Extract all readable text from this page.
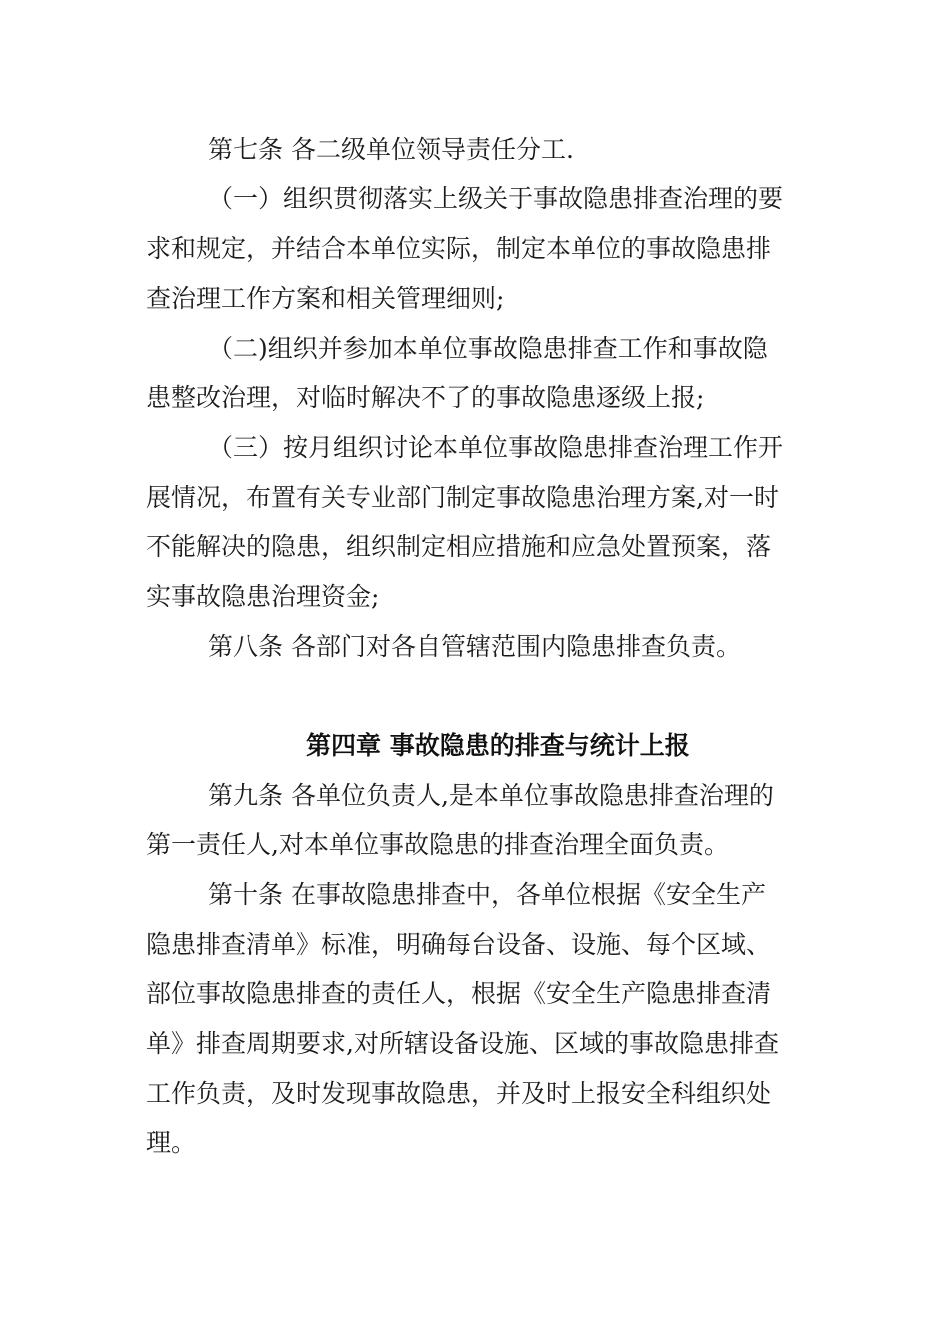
第七条 各二级单位领导责任分工.
（一）组织贯彻落实上级关于事故隐患排查治理的要
求和规定，并结合本单位实际，制定本单位的事故隐患排
查治理工作方案和相关管理细则;
（二)组织并参加本单位事故隐患排查工作和事故隐
患整改治理，对临时解决不了的事故隐患逐级上报;
（三）按月组织讨论本单位事故隐患排查治理工作开
展情况，布置有关专业部门制定事故隐患治理方案,对一时
不能解决的隐患，组织制定相应措施和应急处置预案，落
实事故隐患治理资金;
第八条 各部门对各自管辖范围内隐患排查负责。
第四章 事故隐患的排查与统计上报
第九条 各单位负责人,是本单位事故隐患排查治理的
第一责任人,对本单位事故隐患的排查治理全面负责。
第十条 在事故隐患排查中，各单位根据《安全生产
隐患排查清单》标准，明确每台设备、设施、每个区域、
部位事故隐患排查的责任人，根据《安全生产隐患排查清
单》排查周期要求,对所辖设备设施、区域的事故隐患排查
工作负责，及时发现事故隐患，并及时上报安全科组织处
理。
